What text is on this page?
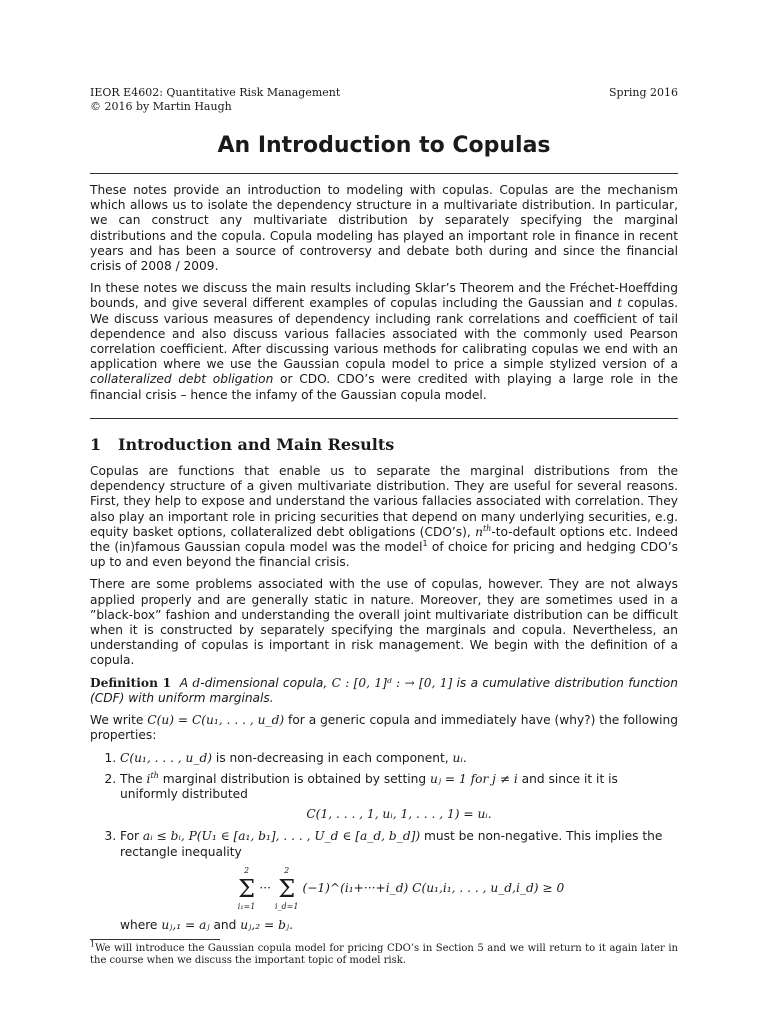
IEOR E4602: Quantitative Risk Management
© 2016 by Martin Haugh
Spring 2016
An Introduction to Copulas

These notes provide an introduction to modeling with copulas. Copulas are the mechanism which allows us to isolate the dependency structure in a multivariate distribution. In particular, we can construct any multivariate distribution by separately specifying the marginal distributions and the copula. Copula modeling has played an important role in finance in recent years and has been a source of controversy and debate both during and since the financial crisis of 2008 / 2009.

In these notes we discuss the main results including Sklar’s Theorem and the Fréchet-Hoeffding bounds, and give several different examples of copulas including the Gaussian and t copulas. We discuss various measures of dependency including rank correlations and coefficient of tail dependence and also discuss various fallacies associated with the commonly used Pearson correlation coefficient. After discussing various methods for calibrating copulas we end with an application where we use the Gaussian copula model to price a simple stylized version of a collateralized debt obligation or CDO. CDO’s were credited with playing a large role in the financial crisis – hence the infamy of the Gaussian copula model.

1 Introduction and Main Results

Copulas are functions that enable us to separate the marginal distributions from the dependency structure of a given multivariate distribution. They are useful for several reasons. First, they help to expose and understand the various fallacies associated with correlation. They also play an important role in pricing securities that depend on many underlying securities, e.g. equity basket options, collateralized debt obligations (CDO’s), $n^{th}-to$-default options etc. Indeed the (in)famous Gaussian copula model was the model$^1$ of choice for pricing and hedging CDO’s up to and even beyond the financial crisis.

There are some problems associated with the use of copulas, however. They are not always applied properly and are generally static in nature. Moreover, they are sometimes used in a ”black-box” fashion and understanding the overall joint multivariate distribution can be difficult when it is constructed by separately specifying the marginals and copula. Nevertheless, an understanding of copulas is important in risk management. We begin with the definition of a copula.

Definition 1 A d-dimensional copula, C : [0, 1]ᵈ : → [0, 1] is a cumulative distribution function (CDF) with uniform marginals.

We write C(u) = C(u₁, . . . , u_d) for a generic copula and immediately have (why?) the following properties:

1. C(u₁, . . . , u_d) is non-decreasing in each component, uᵢ.
2. The $i^{th}$ marginal distribution is obtained by setting uⱼ = 1 for j ≠ i and since it it is uniformly distributed
C(1, . . . , 1, uᵢ, 1, . . . , 1) = uᵢ.
3. For aᵢ ≤ bᵢ, P(U₁ ∈ [a₁, b₁], . . . , U_d ∈ [a_d, b_d]) must be non-negative. This implies the rectangle inequality
2
Σ
i₁=1
···
2
Σ
i_d=1
(−1)^(i₁+···+i_d) C(u₁,i₁, . . . , u_d,i_d) ≥ 0
where uⱼ,₁ = aⱼ and uⱼ,₂ = bⱼ.
$^1$We will introduce the Gaussian copula model for pricing CDO’s in Section 5 and we will return to it again later in the course when we discuss the important topic of model risk.
